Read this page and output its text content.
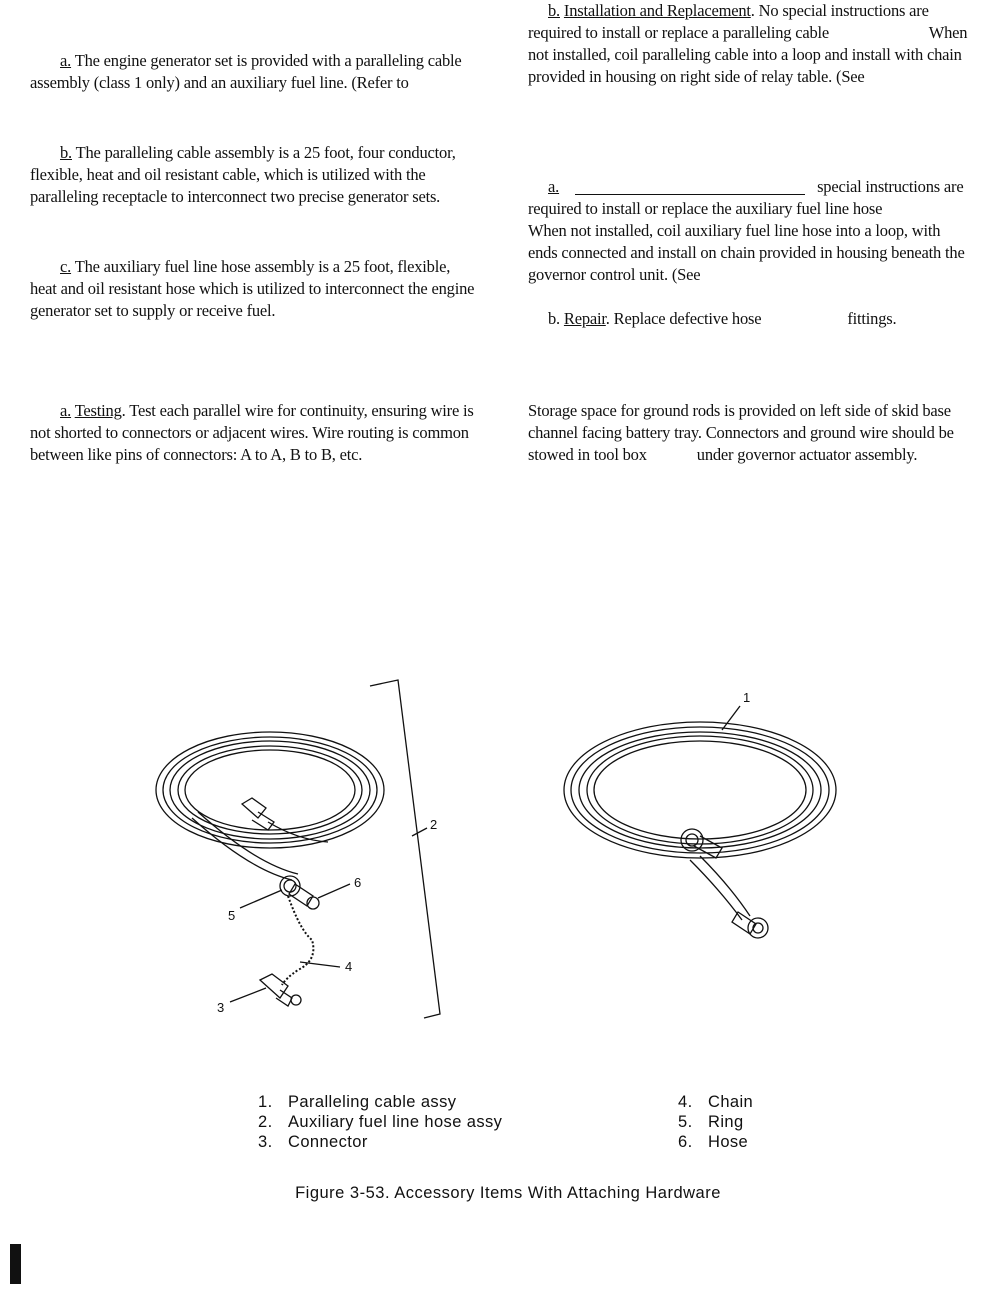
a. The engine generator set is provided with a paralleling cable assembly (class 1 only) and an auxiliary fuel line. (Refer to

b. The paralleling cable assembly is a 25 foot, four conductor, flexible, heat and oil resistant cable, which is utilized with the paralleling receptacle to interconnect two precise generator sets.

c. The auxiliary fuel line hose assembly is a 25 foot, flexible, heat and oil resistant hose which is utilized to interconnect the engine generator set to supply or receive fuel.

a. Testing. Test each parallel wire for continuity, ensuring wire is not shorted to connectors or adjacent wires. Wire routing is common between like pins of connectors: A to A, B to B, etc.

b. Installation and Replacement. No special instructions are required to install or replace a paralleling cable	When not installed, coil paralleling cable into a loop and install with chain provided in housing on right side of relay table. (See

a.	special instructions are required to install or replace the auxiliary fuel line hose When not installed, coil auxiliary fuel line hose into a loop, with ends connected and install on chain provided in housing beneath the governor control unit. (See

b. Repair. Replace defective hose	fittings.

Storage space for ground rods is provided on left side of skid base channel facing battery tray. Connectors and ground wire should be stowed in tool box	under governor actuator assembly.

1
2
3
4
5
6
1. Paralleling cable assy
2. Auxiliary fuel line hose assy
3. Connector
4. Chain
5. Ring
6. Hose
Figure 3-53. Accessory Items With Attaching Hardware
